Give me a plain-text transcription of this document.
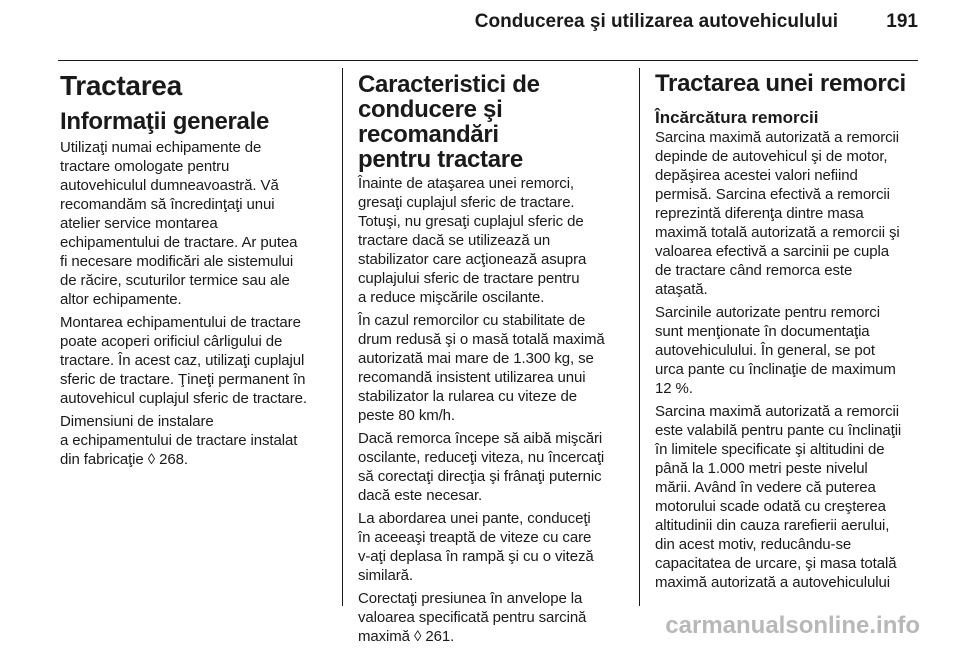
Conducerea şi utilizarea autovehiculului	191
Tractarea
Informaţii generale

Utilizaţi numai echipamente de
tractare omologate pentru
autovehiculul dumneavoastră. Vă
recomandăm să încredinţaţi unui
atelier service montarea
echipamentului de tractare. Ar putea
fi necesare modificări ale sistemului
de răcire, scuturilor termice sau ale
altor echipamente.

Montarea echipamentului de tractare
poate acoperi orificiul cârligului de
tractare. În acest caz, utilizaţi cuplajul
sferic de tractare. Ţineţi permanent în
autovehicul cuplajul sferic de tractare.

Dimensiuni de instalare
a echipamentului de tractare instalat
din fabricaţie ◊ 268.

Caracteristici de
conducere şi recomandări
pentru tractare

Înainte de ataşarea unei remorci,
gresaţi cuplajul sferic de tractare.
Totuşi, nu gresaţi cuplajul sferic de
tractare dacă se utilizează un
stabilizator care acţionează asupra
cuplajului sferic de tractare pentru
a reduce mişcările oscilante.

În cazul remorcilor cu stabilitate de
drum redusă şi o masă totală maximă
autorizată mai mare de 1.300 kg, se
recomandă insistent utilizarea unui
stabilizator la rularea cu viteze de
peste 80 km/h.

Dacă remorca începe să aibă mişcări
oscilante, reduceţi viteza, nu încercaţi
să corectaţi direcţia şi frânaţi puternic
dacă este necesar.

La abordarea unei pante, conduceţi
în aceeaşi treaptă de viteze cu care
v-aţi deplasa în rampă şi cu o viteză
similară.

Corectaţi presiunea în anvelope la
valoarea specificată pentru sarcină
maximă ◊ 261.

Tractarea unei remorci
Încărcătura remorcii

Sarcina maximă autorizată a remorcii
depinde de autovehicul şi de motor,
depăşirea acestei valori nefiind
permisă. Sarcina efectivă a remorcii
reprezintă diferenţa dintre masa
maximă totală autorizată a remorcii şi
valoarea efectivă a sarcinii pe cupla
de tractare când remorca este
ataşată.

Sarcinile autorizate pentru remorci
sunt menţionate în documentaţia
autovehiculului. În general, se pot
urca pante cu înclinaţie de maximum
12 %.

Sarcina maximă autorizată a remorcii
este valabilă pentru pante cu înclinaţii
în limitele specificate şi altitudini de
până la 1.000 metri peste nivelul
mării. Având în vedere că puterea
motorului scade odată cu creşterea
altitudinii din cauza rarefierii aerului,
din acest motiv, reducându-se
capacitatea de urcare, şi masa totală
maximă autorizată a autovehiculului

carmanualsonline.info
